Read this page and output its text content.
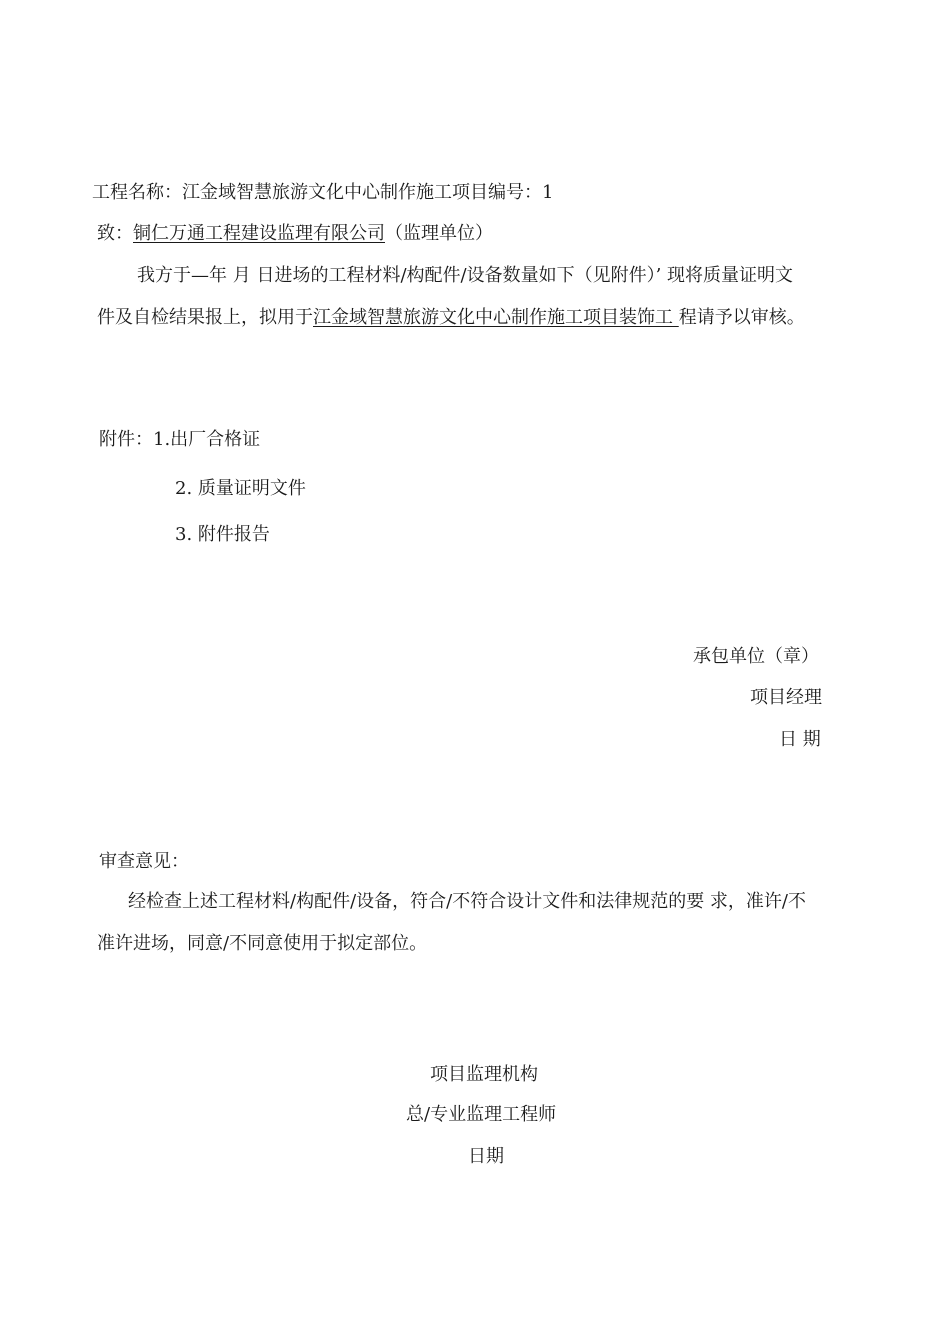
工程名称：江金域智慧旅游文化中心制作施工项目编号：1
致：铜仁万通工程建设监理有限公司（监理单位）
我方于—年 月 日进场的工程材料/构配件/设备数量如下（见附件）’ 现将质量证明文
件及自检结果报上，拟用于江金域智慧旅游文化中心制作施工项目装饰工 程请予以审核。
附件：1.出厂合格证
2. 质量证明文件
3. 附件报告
承包单位（章）
项目经理
日 期
审查意见：
经检查上述工程材料/构配件/设备，符合/不符合设计文件和法律规范的要 求，准许/不
准许进场，同意/不同意使用于拟定部位。
项目监理机构
总/专业监理工程师
日期
